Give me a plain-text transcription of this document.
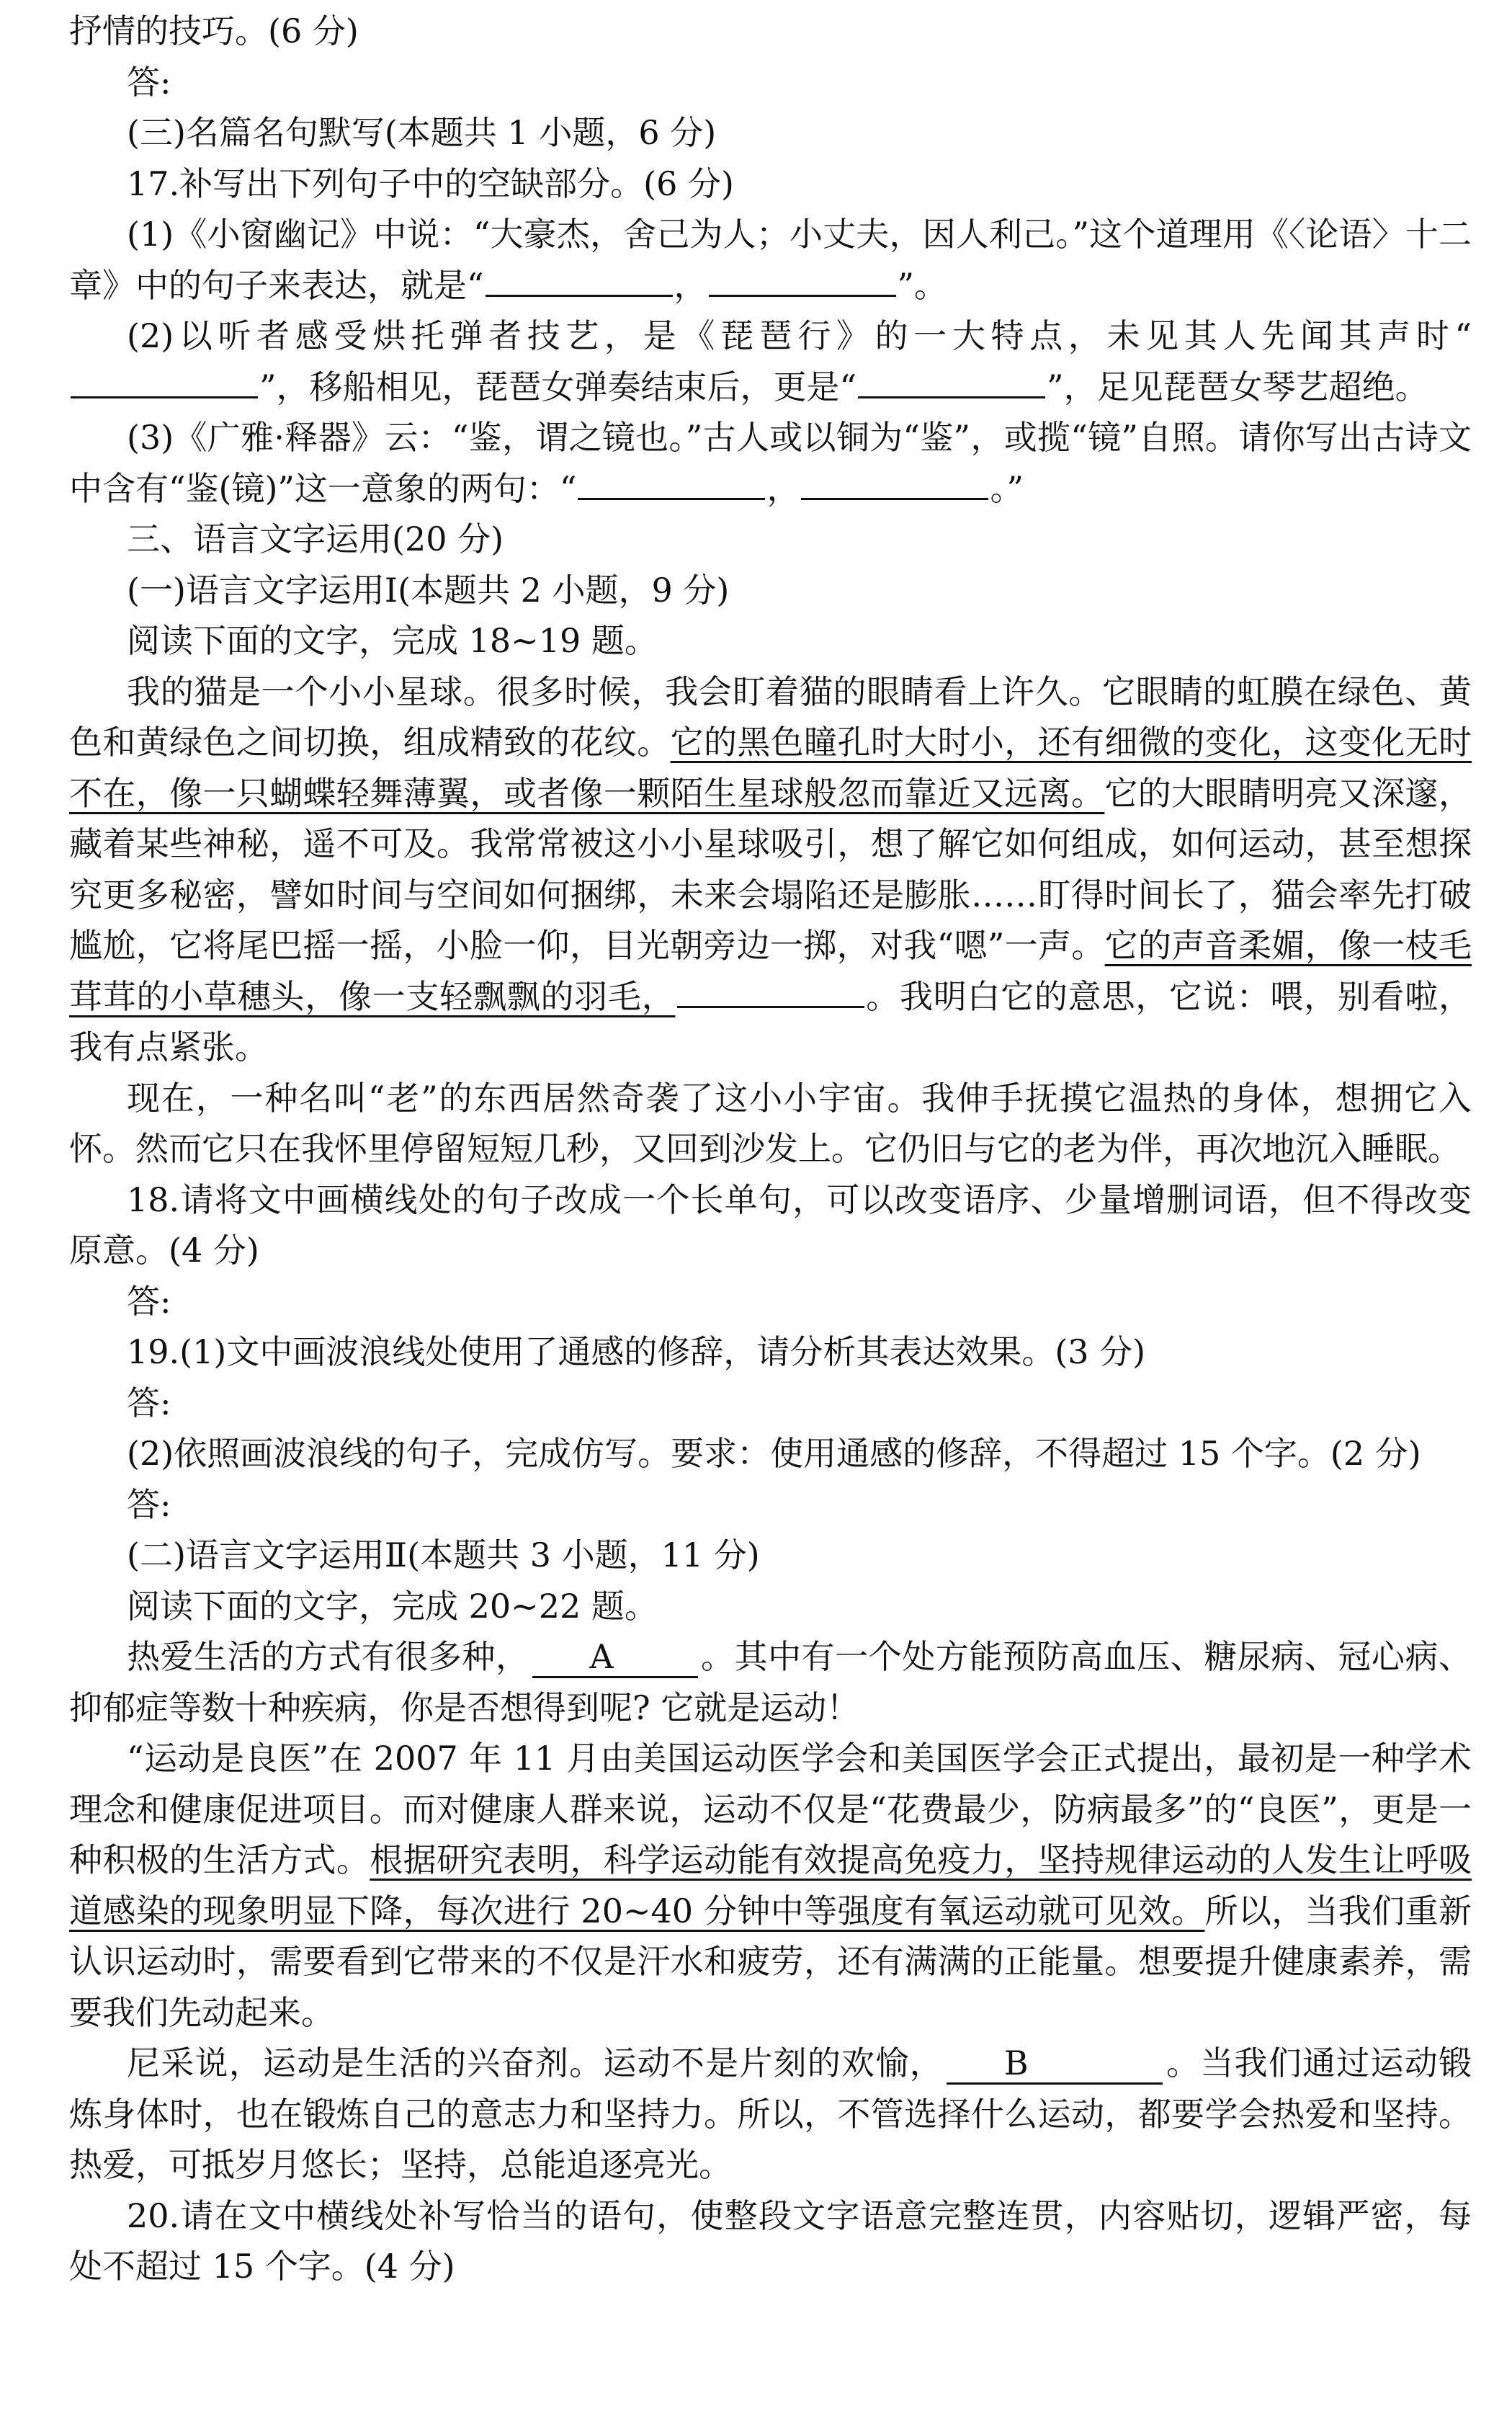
抒情的技巧。(6 分)

答:

(三)名篇名句默写(本题共 1 小题，6 分)

17.补写出下列句子中的空缺部分。(6 分)

(1)《小窗幽记》中说：“大豪杰，舍己为人；小丈夫，因人利己。”这个道理用《〈论语〉十二章》中的句子来表达，就是“	，	”。

(2)以听者感受烘托弹者技艺，是《琵琶行》的一大特点，未见其人先闻其声时“”，移船相见，琵琶女弹奏结束后，更是“	”，足见琵琶女琴艺超绝。

(3)《广雅·释器》云：“鉴，谓之镜也。”古人或以铜为“鉴”，或揽“镜”自照。请你写出古诗文中含有“鉴(镜)”这一意象的两句：“	，	。”

三、语言文字运用(20 分)

(一)语言文字运用Ⅰ(本题共 2 小题，9 分)

阅读下面的文字，完成 18~19 题。

我的猫是一个小小星球。很多时候，我会盯着猫的眼睛看上许久。它眼睛的虹膜在绿色、黄色和黄绿色之间切换，组成精致的花纹。它的黑色瞳孔时大时小，还有细微的变化，这变化无时不在，像一只蝴蝶轻舞薄翼，或者像一颗陌生星球般忽而靠近又远离。它的大眼睛明亮又深邃，藏着某些神秘，遥不可及。我常常被这小小星球吸引，想了解它如何组成，如何运动，甚至想探究更多秘密，譬如时间与空间如何捆绑，未来会塌陷还是膨胀……盯得时间长了，猫会率先打破尴尬，它将尾巴摇一摇，小脸一仰，目光朝旁边一掷，对我“嗯”一声。它的声音柔媚，像一枝毛茸茸的小草穗头，像一支轻飘飘的羽毛，	。我明白它的意思，它说：喂，别看啦，我有点紧张。

现在，一种名叫“老”的东西居然奇袭了这小小宇宙。我伸手抚摸它温热的身体，想拥它入怀。然而它只在我怀里停留短短几秒，又回到沙发上。它仍旧与它的老为伴，再次地沉入睡眠。

18.请将文中画横线处的句子改成一个长单句，可以改变语序、少量增删词语，但不得改变原意。(4 分)

答:

19.(1)文中画波浪线处使用了通感的修辞，请分析其表达效果。(3 分)

答:

(2)依照画波浪线的句子，完成仿写。要求：使用通感的修辞，不得超过 15 个字。(2 分)

答:

(二)语言文字运用Ⅱ(本题共 3 小题，11 分)

阅读下面的文字，完成 20~22 题。

热爱生活的方式有很多种， A	。其中有一个处方能预防高血压、糖尿病、冠心病、抑郁症等数十种疾病，你是否想得到呢? 它就是运动！

“运动是良医”在 2007 年 11 月由美国运动医学会和美国医学会正式提出，最初是一种学术理念和健康促进项目。而对健康人群来说，运动不仅是“花费最少，防病最多”的“良医”，更是一种积极的生活方式。根据研究表明，科学运动能有效提高免疫力，坚持规律运动的人发生让呼吸道感染的现象明显下降，每次进行 20~40 分钟中等强度有氧运动就可见效。所以，当我们重新认识运动时，需要看到它带来的不仅是汗水和疲劳，还有满满的正能量。想要提升健康素养，需要我们先动起来。

尼采说，运动是生活的兴奋剂。运动不是片刻的欢愉， B	。当我们通过运动锻炼身体时，也在锻炼自己的意志力和坚持力。所以，不管选择什么运动，都要学会热爱和坚持。热爱，可抵岁月悠长；坚持，总能追逐亮光。

20.请在文中横线处补写恰当的语句，使整段文字语意完整连贯，内容贴切，逻辑严密，每处不超过 15 个字。(4 分)
